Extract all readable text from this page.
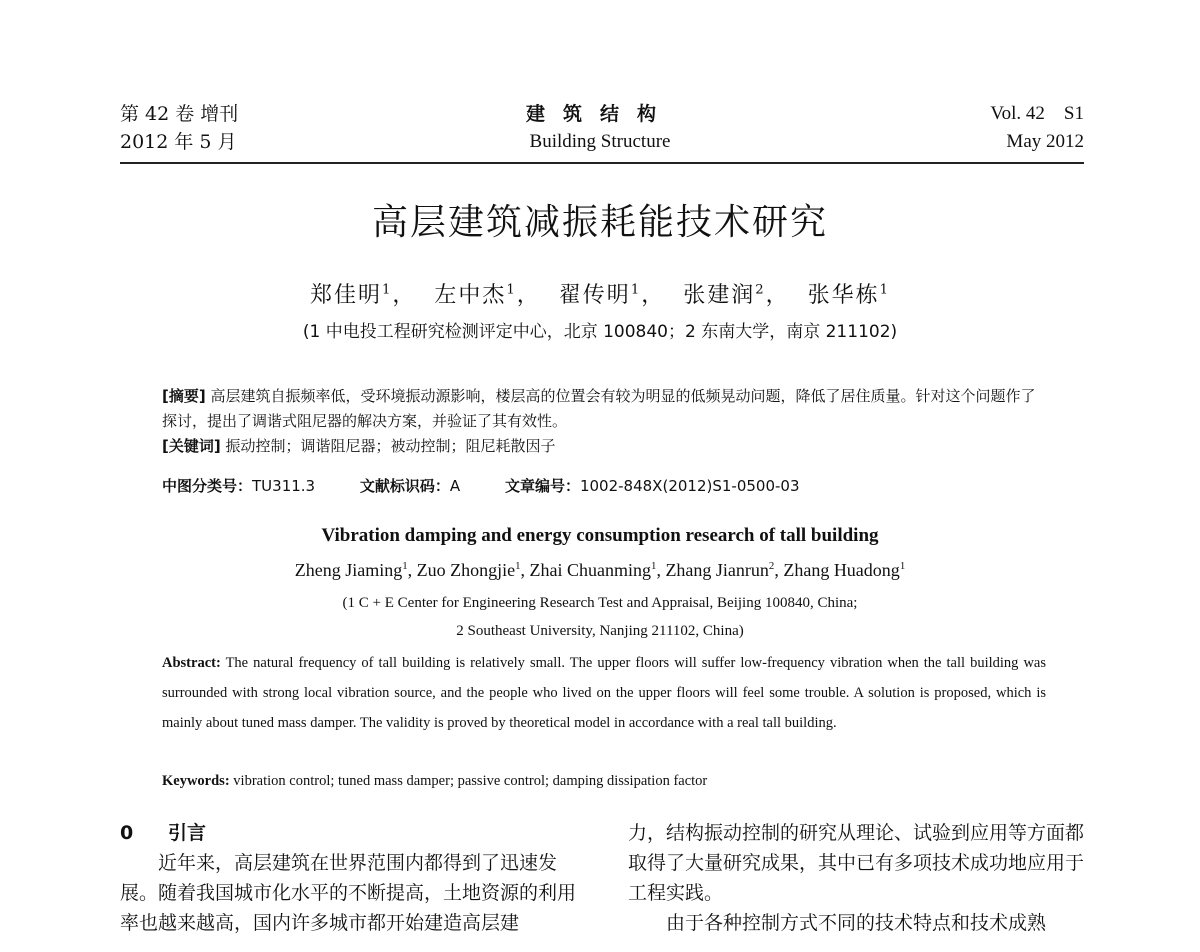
第 42 卷 增刊
2012 年 5 月
建筑结构
Building Structure
Vol. 42　S1
May 2012
高层建筑减振耗能技术研究
郑佳明$^1$，  左中杰$^1$，  翟传明$^1$，  张建润$^2$，  张华栋$^1$
(1 中电投工程研究检测评定中心，北京 100840；2 东南大学，南京 211102)
[摘要] 高层建筑自振频率低，受环境振动源影响，楼层高的位置会有较为明显的低频晃动问题，降低了居住质量。针对这个问题作了探讨，提出了调谐式阻尼器的解决方案，并验证了其有效性。
[关键词] 振动控制；调谐阻尼器；被动控制；阻尼耗散因子
中图分类号：TU311.3	文献标识码：A	文章编号：1002-848X(2012)S1-0500-03
Vibration damping and energy consumption research of tall building
Zheng Jiaming$^1$, Zuo Zhongjie$^1$, Zhai Chuanming$^1$, Zhang Jianrun$^2$, Zhang Huadong$^1$
(1 C + E Center for Engineering Research Test and Appraisal, Beijing 100840, China;
2 Southeast University, Nanjing 211102, China)
Abstract: The natural frequency of tall building is relatively small. The upper floors will suffer low-frequency vibration when the tall building was surrounded with strong local vibration source, and the people who lived on the upper floors will feel some trouble. A solution is proposed, which is mainly about tuned mass damper. The validity is proved by theoretical model in accordance with a real tall building.
Keywords: vibration control; tuned mass damper; passive control; damping dissipation factor
0 引言

近年来，高层建筑在世界范围内都得到了迅速发展。随着我国城市化水平的不断提高，土地资源的利用率也越来越高，国内许多城市都开始建造高层建

力，结构振动控制的研究从理论、试验到应用等方面都取得了大量研究成果，其中已有多项技术成功地应用于工程实践。

由于各种控制方式不同的技术特点和技术成熟
